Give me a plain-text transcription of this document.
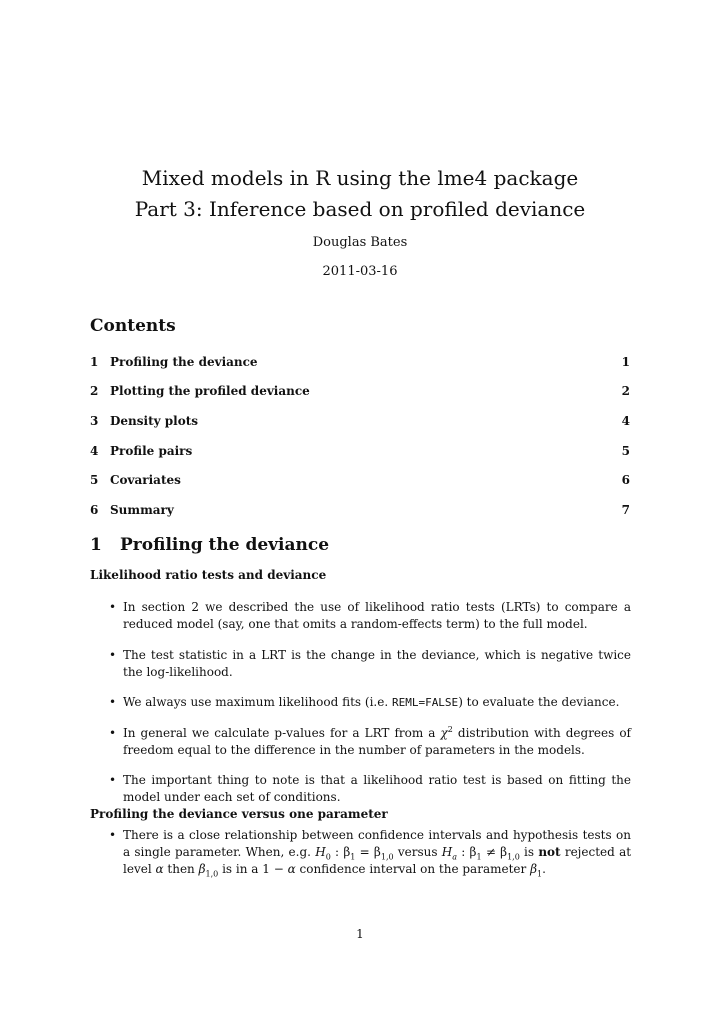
Mixed models in R using the lme4 package
Part 3: Inference based on profiled deviance
Douglas Bates
2011-03-16
Contents
1 Profiling the deviance	1
2 Plotting the profiled deviance	2
3 Density plots	4
4 Profile pairs	5
5 Covariates	6
6 Summary	7
1	Profiling the deviance
Likelihood ratio tests and deviance
• In section 2 we described the use of likelihood ratio tests (LRTs) to compare a reduced model (say, one that omits a random-effects term) to the full model.
• The test statistic in a LRT is the change in the deviance, which is negative twice the log-likelihood.
• We always use maximum likelihood fits (i.e. REML=FALSE) to evaluate the deviance.
• In general we calculate p-values for a LRT from a $\chi^2$ distribution with degrees of freedom equal to the difference in the number of parameters in the models.
• The important thing to note is that a likelihood ratio test is based on fitting the model under each set of conditions.
Profiling the deviance versus one parameter
• There is a close relationship between confidence intervals and hypothesis tests on a single parameter. When, e.g. $H_0$ : $\beta_1 = \beta_{1,0}$ versus $H_a$ : $\beta_1 \ne \beta_{1,0}$ is not rejected at level α then $\beta_{1,0}$ is in a 1 − α confidence interval on the parameter $\beta_1$.
1
